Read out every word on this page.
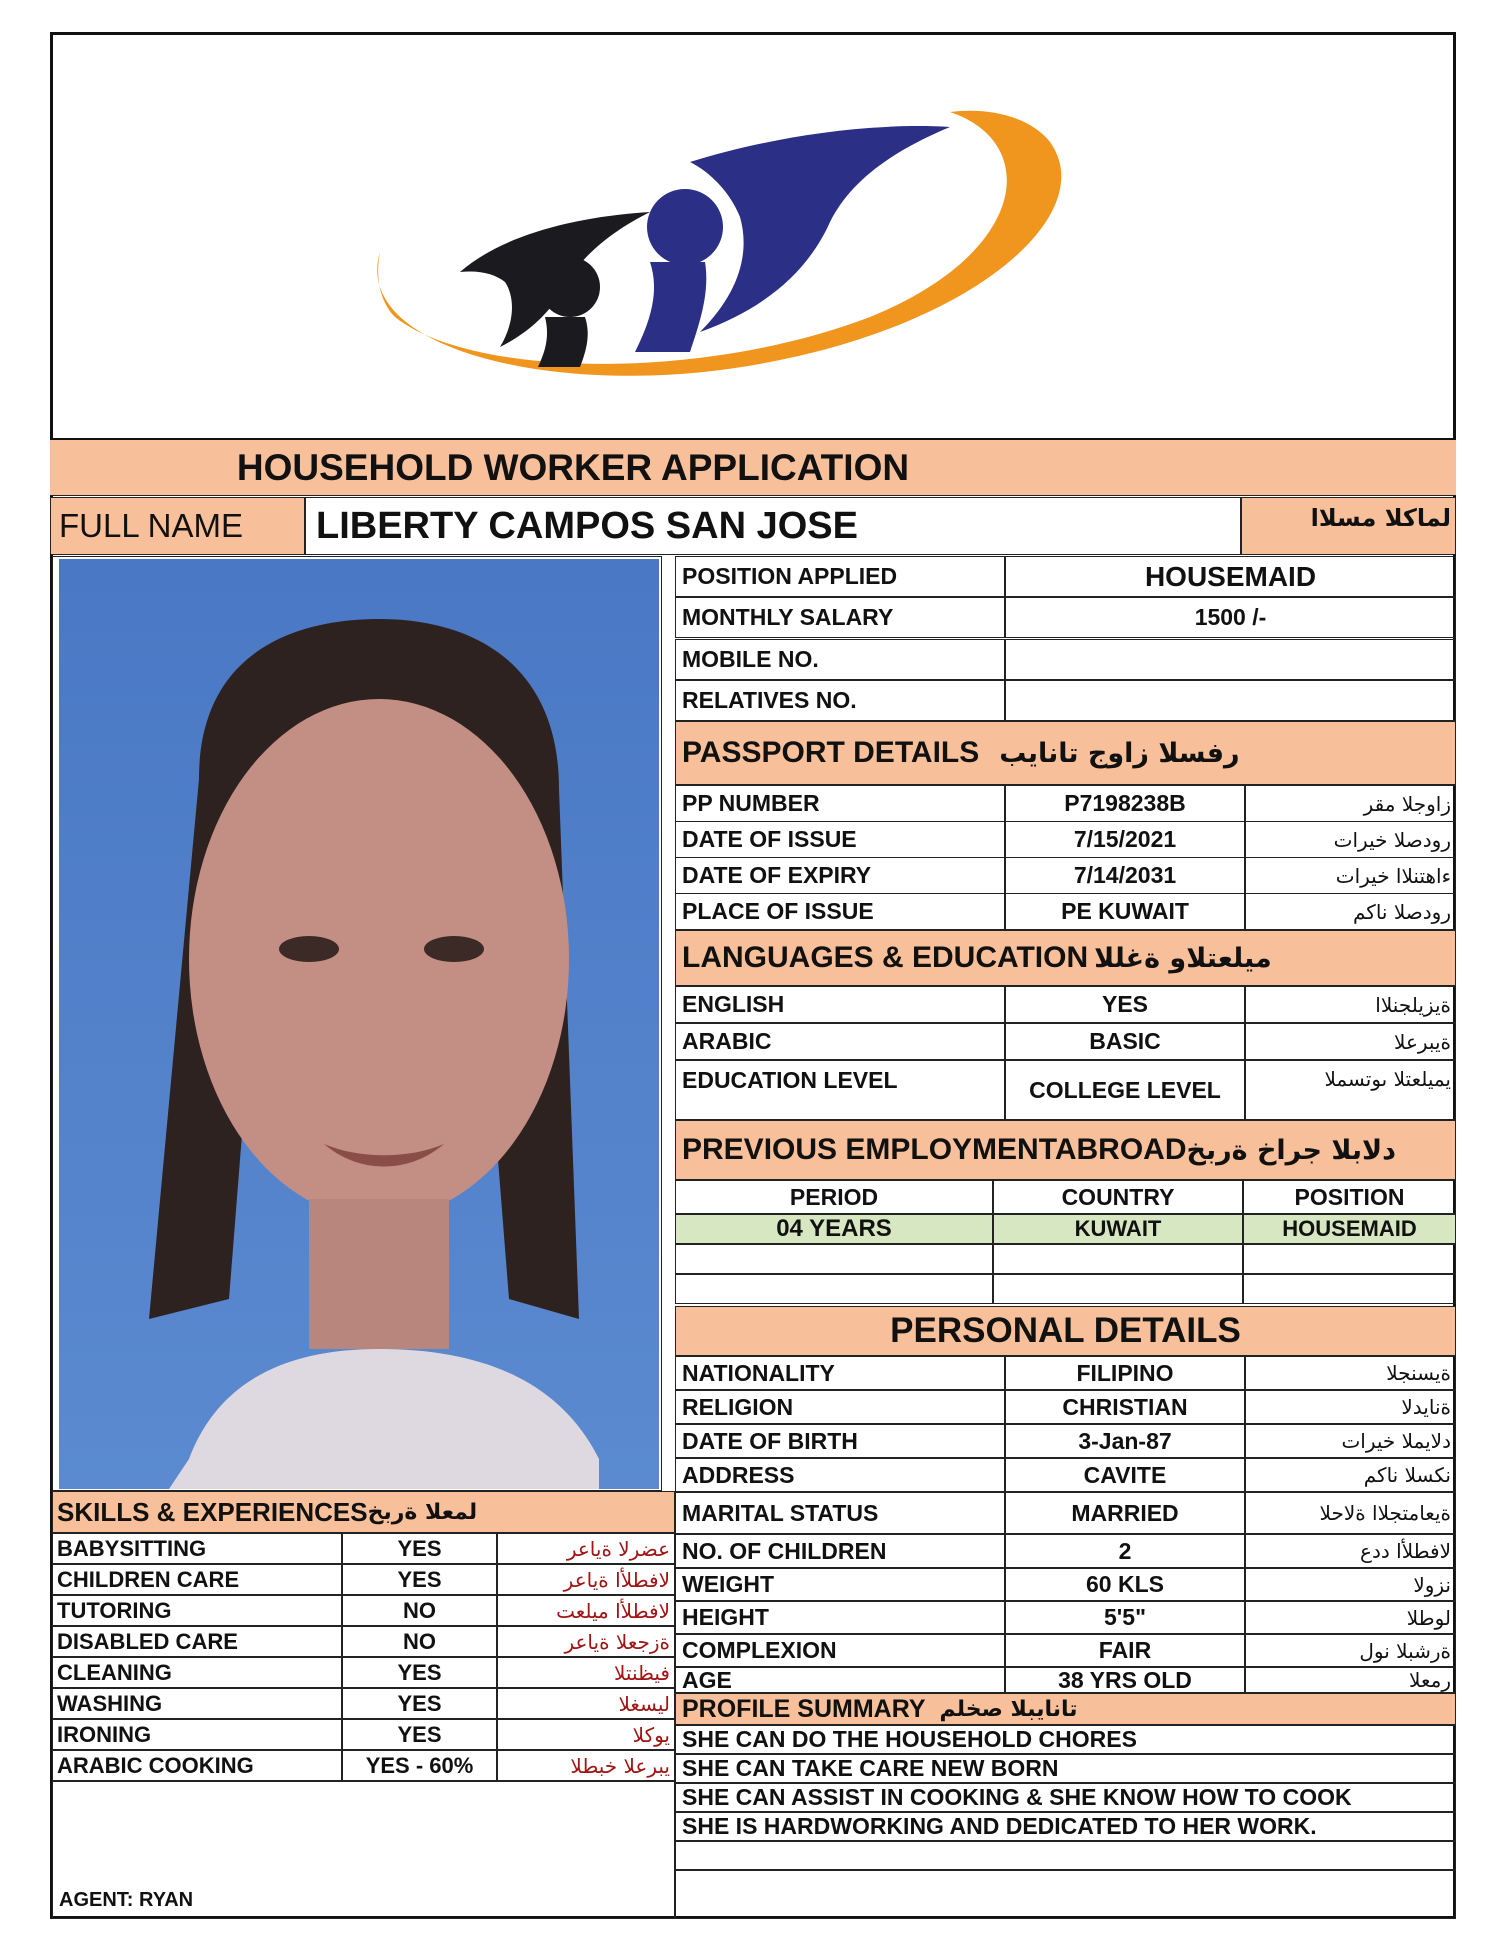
HOUSEHOLD WORKER APPLICATION
FULL NAME LIBERTY CAMPOS SAN JOSE	لماكلا مسلاا
POSITION APPLIED	HOUSEMAID
MONTHLY SALARY	1500 /-
MOBILE NO.
RELATIVES NO.
PASSPORT DETAILS رفسلا زاوج تانايب
PP NUMBER	P7198238B	زاوجلا مقر
DATE OF ISSUE	7/15/2021	رودصلا خيرات
DATE OF EXPIRY	7/14/2031	ءاهتنلاا خيرات
PLACE OF ISSUE	PE KUWAIT	رودصلا ناكم
LANGUAGES & EDUCATION ميلعتلاو ةغللا
ENGLISH	YES	ةيزيلجنلاا
ARABIC	BASIC	ةيبرعلا
EDUCATION LEVEL	COLLEGE LEVEL	يميلعتلا ىوتسملا
PREVIOUS EMPLOYMENTABROAD دلابلا جراخ ةربخ
PERIOD	COUNTRY	POSITION
04 YEARS	KUWAIT	HOUSEMAID
PERSONAL DETAILS
NATIONALITY	FILIPINO	ةيسنجلا
RELIGION	CHRISTIAN	ةنايدلا
DATE OF BIRTH	3-Jan-87	دلايملا خيرات
ADDRESS	CAVITE	نكسلا ناكم
MARITAL STATUS	MARRIED	ةيعامتجلاا ةلاحلا
NO. OF CHILDREN	2	لافطلأا ددع
WEIGHT	60 KLS	نزولا
HEIGHT	5'5"	لوطلا
COMPLEXION	FAIR	ةرشبلا نول
AGE	38 YRS OLD	رمعلا
SKILLS & EXPERIENCES لمعلا ةربخ
BABYSITTING	YES	عضرلا ةياعر
CHILDREN CARE	YES	لافطلأا ةياعر
TUTORING	NO	لافطلأا ميلعت
DISABLED CARE	NO	ةزجعلا ةياعر
CLEANING	YES	فيظنتلا
WASHING	YES	ليسغلا
IRONING	YES	يوكلا
ARABIC COOKING	YES - 60%	يبرعلا خبطلا
PROFILE SUMMARY تانايبلا صخلم
SHE CAN DO THE HOUSEHOLD CHORES
SHE CAN TAKE CARE NEW BORN
SHE CAN ASSIST IN COOKING & SHE KNOW HOW TO COOK
SHE IS HARDWORKING AND DEDICATED TO HER WORK.
AGENT: RYAN
